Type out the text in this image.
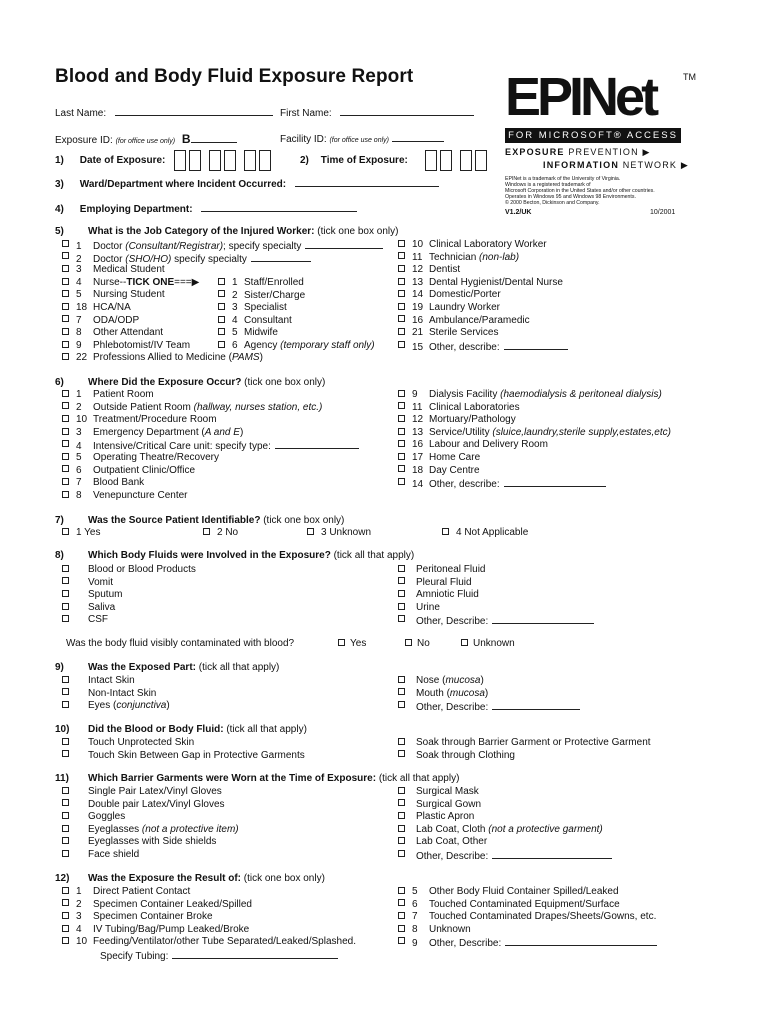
Blood and Body Fluid Exposure Report
Last Name:	First Name:
Exposure ID: (for office use only) B	Facility ID: (for office use only)
EPINet	TM
FOR MICROSOFT® ACCESS
EXPOSURE PREVENTION ▶
INFORMATION NETWORK ▶
EPINet is a trademark of the University of Virginia.
Windows is a registered trademark of
Microsoft Corporation in the United States and/or other countries.
Operates in Windows 95 and Windows 98 Environments.
© 2000 Becton, Dickinson and Company.
V1.2/UK	10/2001
1) Date of Exposure:	2) Time of Exposure:
3) Ward/Department where Incident Occurred:
4) Employing Department:
5) What is the Job Category of the Injured Worker: (tick one box only)
1 Doctor (Consultant/Registrar); specify specialty
2 Doctor (SHO/HO) specify specialty
3 Medical Student
4 Nurse--TICK ONE===▶
5 Nursing Student
18 HCA/NA
7 ODA/ODP
8 Other Attendant
9 Phlebotomist/IV Team
22 Professions Allied to Medicine (PAMS)
1 Staff/Enrolled
2 Sister/Charge
3 Specialist
4 Consultant
5 Midwife
6 Agency (temporary staff only)
10 Clinical Laboratory Worker
11 Technician (non-lab)
12 Dentist
13 Dental Hygienist/Dental Nurse
14 Domestic/Porter
19 Laundry Worker
16 Ambulance/Paramedic
21 Sterile Services
15 Other, describe:
6) Where Did the Exposure Occur? (tick one box only)
1 Patient Room
2 Outside Patient Room (hallway, nurses station, etc.)
10 Treatment/Procedure Room
3 Emergency Department (A and E)
4 Intensive/Critical Care unit: specify type:
5 Operating Theatre/Recovery
6 Outpatient Clinic/Office
7 Blood Bank
8 Venepuncture Center
9 Dialysis Facility (haemodialysis & peritoneal dialysis)
11 Clinical Laboratories
12 Mortuary/Pathology
13 Service/Utility (sluice,laundry,sterile supply,estates,etc)
16 Labour and Delivery Room
17 Home Care
18 Day Centre
14 Other, describe:
7) Was the Source Patient Identifiable? (tick one box only)
1 Yes	2 No	3 Unknown	4 Not Applicable
8) Which Body Fluids were Involved in the Exposure? (tick all that apply)
Blood or Blood Products
Vomit
Sputum
Saliva
CSF
Peritoneal Fluid
Pleural Fluid
Amniotic Fluid
Urine
Other, Describe:
Was the body fluid visibly contaminated with blood?	Yes	No	Unknown
9) Was the Exposed Part: (tick all that apply)
Intact Skin
Non-Intact Skin
Eyes (conjunctiva)
Nose (mucosa)
Mouth (mucosa)
Other, Describe:
10) Did the Blood or Body Fluid: (tick all that apply)
Touch Unprotected Skin
Touch Skin Between Gap in Protective Garments
Soak through Barrier Garment or Protective Garment
Soak through Clothing
11) Which Barrier Garments were Worn at the Time of Exposure: (tick all that apply)
Single Pair Latex/Vinyl Gloves
Double pair Latex/Vinyl Gloves
Goggles
Eyeglasses (not a protective item)
Eyeglasses with Side shields
Face shield
Surgical Mask
Surgical Gown
Plastic Apron
Lab Coat, Cloth (not a protective garment)
Lab Coat, Other
Other, Describe:
12) Was the Exposure the Result of: (tick one box only)
1 Direct Patient Contact
2 Specimen Container Leaked/Spilled
3 Specimen Container Broke
4 IV Tubing/Bag/Pump Leaked/Broke
10 Feeding/Ventilator/other Tube Separated/Leaked/Splashed.
Specify Tubing:
5 Other Body Fluid Container Spilled/Leaked
6 Touched Contaminated Equipment/Surface
7 Touched Contaminated Drapes/Sheets/Gowns, etc.
8 Unknown
9 Other, Describe:
